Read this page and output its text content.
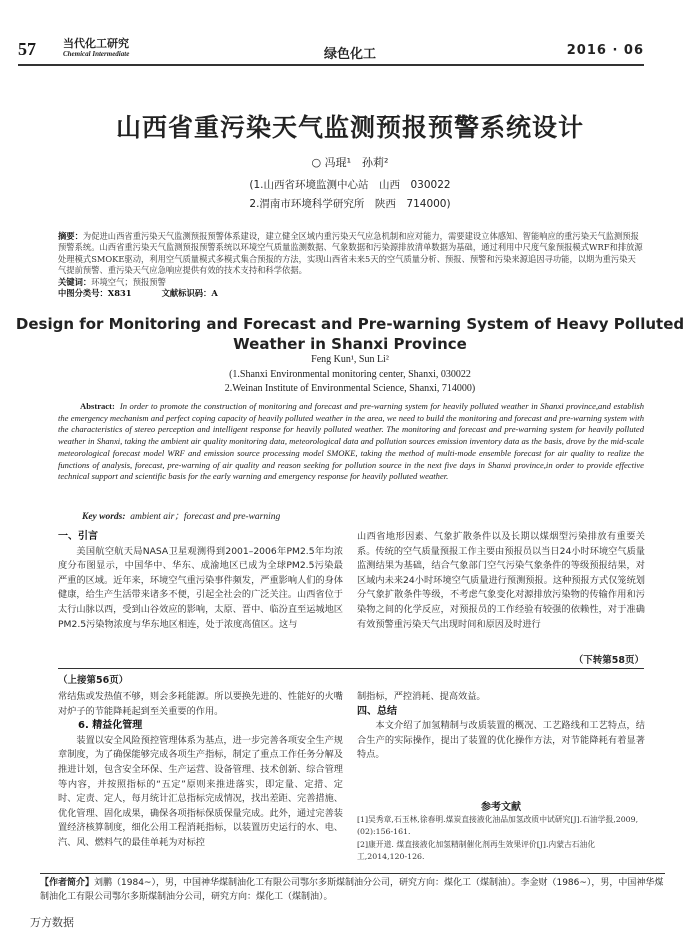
57 当代化工研究
Chemical Intermediate	绿色化工	2016 · 06
山西省重污染天气监测预报预警系统设计
○ 冯琨¹　孙莉²
(1.山西省环境监测中心站　山西　030022
2.渭南市环境科学研究所　陕西　714000)
摘要：为促进山西省重污染天气监测预报预警体系建设，建立健全区域内重污染天气应急机制和应对能力，需要建设立体感知、智能响应的重污染天气监测预报预警系统。山西省重污染天气监测预报预警系统以环境空气质量监测数据、气象数据和污染源排放清单数据为基础，通过利用中尺度气象预报模式WRF和排放源处理模式SMOKE驱动，利用空气质量模式多模式集合预报的方法，实现山西省未来5天的空气质量分析、预报、预警和污染来源追因寻功能，以期为重污染天气提前预警、重污染天气应急响应提供有效的技术支持和科学依据。
关键词：环境空气；预报预警
中图分类号：X831	文献标识码：A
Design for Monitoring and Forecast and Pre-warning System of Heavy Polluted
Weather in Shanxi Province
Feng Kun¹, Sun Li²
(1.Shanxi Environmental monitoring center, Shanxi, 030022
2.Weinan Institute of Environmental Science, Shanxi, 714000)
Abstract: In order to promote the construction of monitoring and forecast and pre-warning system for heavily polluted weather in Shanxi province,and establish the emergency mechanism and perfect coping capacity of heavily polluted weather in the area, we need to build the monitoring and forecast and pre-warning system with the characteristics of stereo perception and intelligent response for heavily polluted weather. The monitoring and forecast and pre-warning system for heavily polluted weather in Shanxi, taking the ambient air quality monitoring data, meteorological data and pollution sources emission inventory data as the basis, drove by the mid-scale meteorological forecast model WRF and emission source processing model SMOKE, taking the method of multi-mode ensemble forecast for air quality to realize the functions of analysis, forecast, pre-warning of air quality and reason seeking for pollution source in the next five days in Shanxi province,in order to provide effective technical support and scientific basis for the early warning and emergency response for heavily polluted weather.
Key words: ambient air；forecast and pre-warning
一、引言

美国航空航天局NASA卫星观测得到2001–2006年PM2.5年均浓度分布图显示，中国华中、华东、成渝地区已成为全球PM2.5污染最严重的区域。近年来，环境空气重污染事件频发，严重影响人们的身体健康，给生产生活带来诸多不便，引起全社会的广泛关注。山西省位于太行山脉以西，受到山谷效应的影响，太原、晋中、临汾直至运城地区PM2.5污染物浓度与华东地区相连，处于浓度高值区。这与

山西省地形因素、气象扩散条件以及长期以煤烟型污染排放有重要关系。传统的空气质量预报工作主要由预报员以当日24小时环境空气质量监测结果为基础，结合气象部门空气污染气象条件的等级预报结果，对区域内未来24小时环境空气质量进行预测预报。这种预报方式仅笼统划分气象扩散条件等级，不考虑气象变化对源排放污染物的传输作用和污染物之间的化学反应，对预报员的工作经验有较强的依赖性，对于准确有效预警重污染天气出现时间和原因及时进行

（下转第58页）
（上接第56页）

常结焦或发热值不够，则会多耗能源。所以要换先进的、性能好的火嘴对炉子的节能降耗起到至关重要的作用。

6. 精益化管理

装置以安全风险预控管理体系为基点，进一步完善各项安全生产规章制度，为了确保能够完成各项生产指标，制定了重点工作任务分解及推进计划，包含安全环保、生产运营、设备管理、技术创新、综合管理等内容，并按照指标的“五定”原则来推进落实，即定量、定措、定时、定责、定人，每月统计汇总指标完成情况，找出差距、完善措施、优化管理、固化成果，确保各项指标保质保量完成。此外，通过完善装置经济核算制度，细化公用工程消耗指标，以装置历史运行的水、电、汽、风、燃料气的最佳单耗为对标控

制指标，严控消耗、提高效益。

四、总结

本文介绍了加氢精制与改质装置的概况、工艺路线和工艺特点，结合生产的实际操作，提出了装置的优化操作方法，对节能降耗有着显著特点。

参考文献
[1]吴秀章,石玉林,徐春明.煤炭直接液化油品加氢改质中试研究[J].石油学报,2009,(02):156-161.
[2]康开道. 煤直接液化加氢精制催化剂再生效果评价[J].内蒙古石油化工,2014,120-126.
【作者简介】刘鹏（1984~），男，中国神华煤制油化工有限公司鄂尔多斯煤制油分公司，研究方向：煤化工（煤制油）。李金财（1986~），男，中国神华煤制油化工有限公司鄂尔多斯煤制油分公司，研究方向：煤化工（煤制油）。
万方数据
